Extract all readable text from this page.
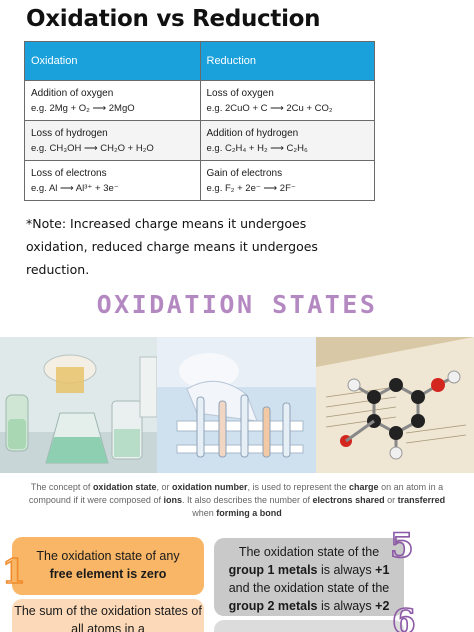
Oxidation vs Reduction
Oxidation	Reduction
Addition of oxygen
e.g. 2Mg + O₂ ⟶ 2MgO
Loss of oxygen
e.g. 2CuO + C ⟶ 2Cu + CO₂
Loss of hydrogen
e.g. CH₃OH ⟶ CH₂O + H₂O
Addition of hydrogen
e.g. C₂H₄ + H₂ ⟶ C₂H₆
Loss of electrons
e.g. Al ⟶ Al³⁺ + 3e⁻
Gain of electrons
e.g. F₂ + 2e⁻ ⟶ 2F⁻
*Note: Increased charge means it undergoes oxidation, reduced charge means it undergoes reduction.
OXIDATION STATES
The concept of oxidation state, or oxidation number, is used to represent the charge on an atom in a compound if it were composed of ions. It also describes the number of electrons shared or transferred when forming a bond
The oxidation state of any
free element is zero
The sum of the oxidation states of all atoms in a
The oxidation state of the
group 1 metals is always +1
and the oxidation state of the
group 2 metals is always +2
1
5
6
